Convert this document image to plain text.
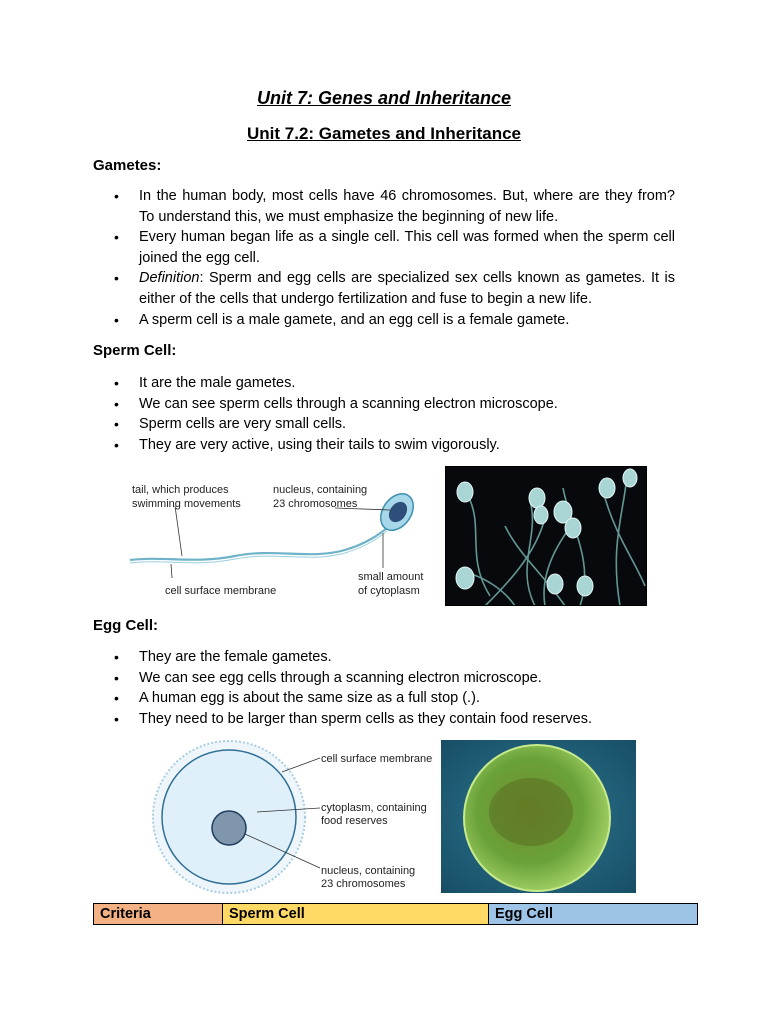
Unit 7: Genes and Inheritance
Unit 7.2: Gametes and Inheritance
Gametes:
• In the human body, most cells have 46 chromosomes. But, where are they from? To understand this, we must emphasize the beginning of new life.
• Every human began life as a single cell. This cell was formed when the sperm cell joined the egg cell.
• Definition: Sperm and egg cells are specialized sex cells known as gametes. It is either of the cells that undergo fertilization and fuse to begin a new life.
• A sperm cell is a male gamete, and an egg cell is a female gamete.
Sperm Cell:
• It are the male gametes.
• We can see sperm cells through a scanning electron microscope.
• Sperm cells are very small cells.
• They are very active, using their tails to swim vigorously.
tail, which produces
swimming movements
nucleus, containing
23 chromosomes
cell surface membrane
small amount
of cytoplasm
Egg Cell:
• They are the female gametes.
• We can see egg cells through a scanning electron microscope.
• A human egg is about the same size as a full stop (.).
• They need to be larger than sperm cells as they contain food reserves.
cell surface membrane
cytoplasm, containing
food reserves
nucleus, containing
23 chromosomes
Criteria	Sperm Cell	Egg Cell
